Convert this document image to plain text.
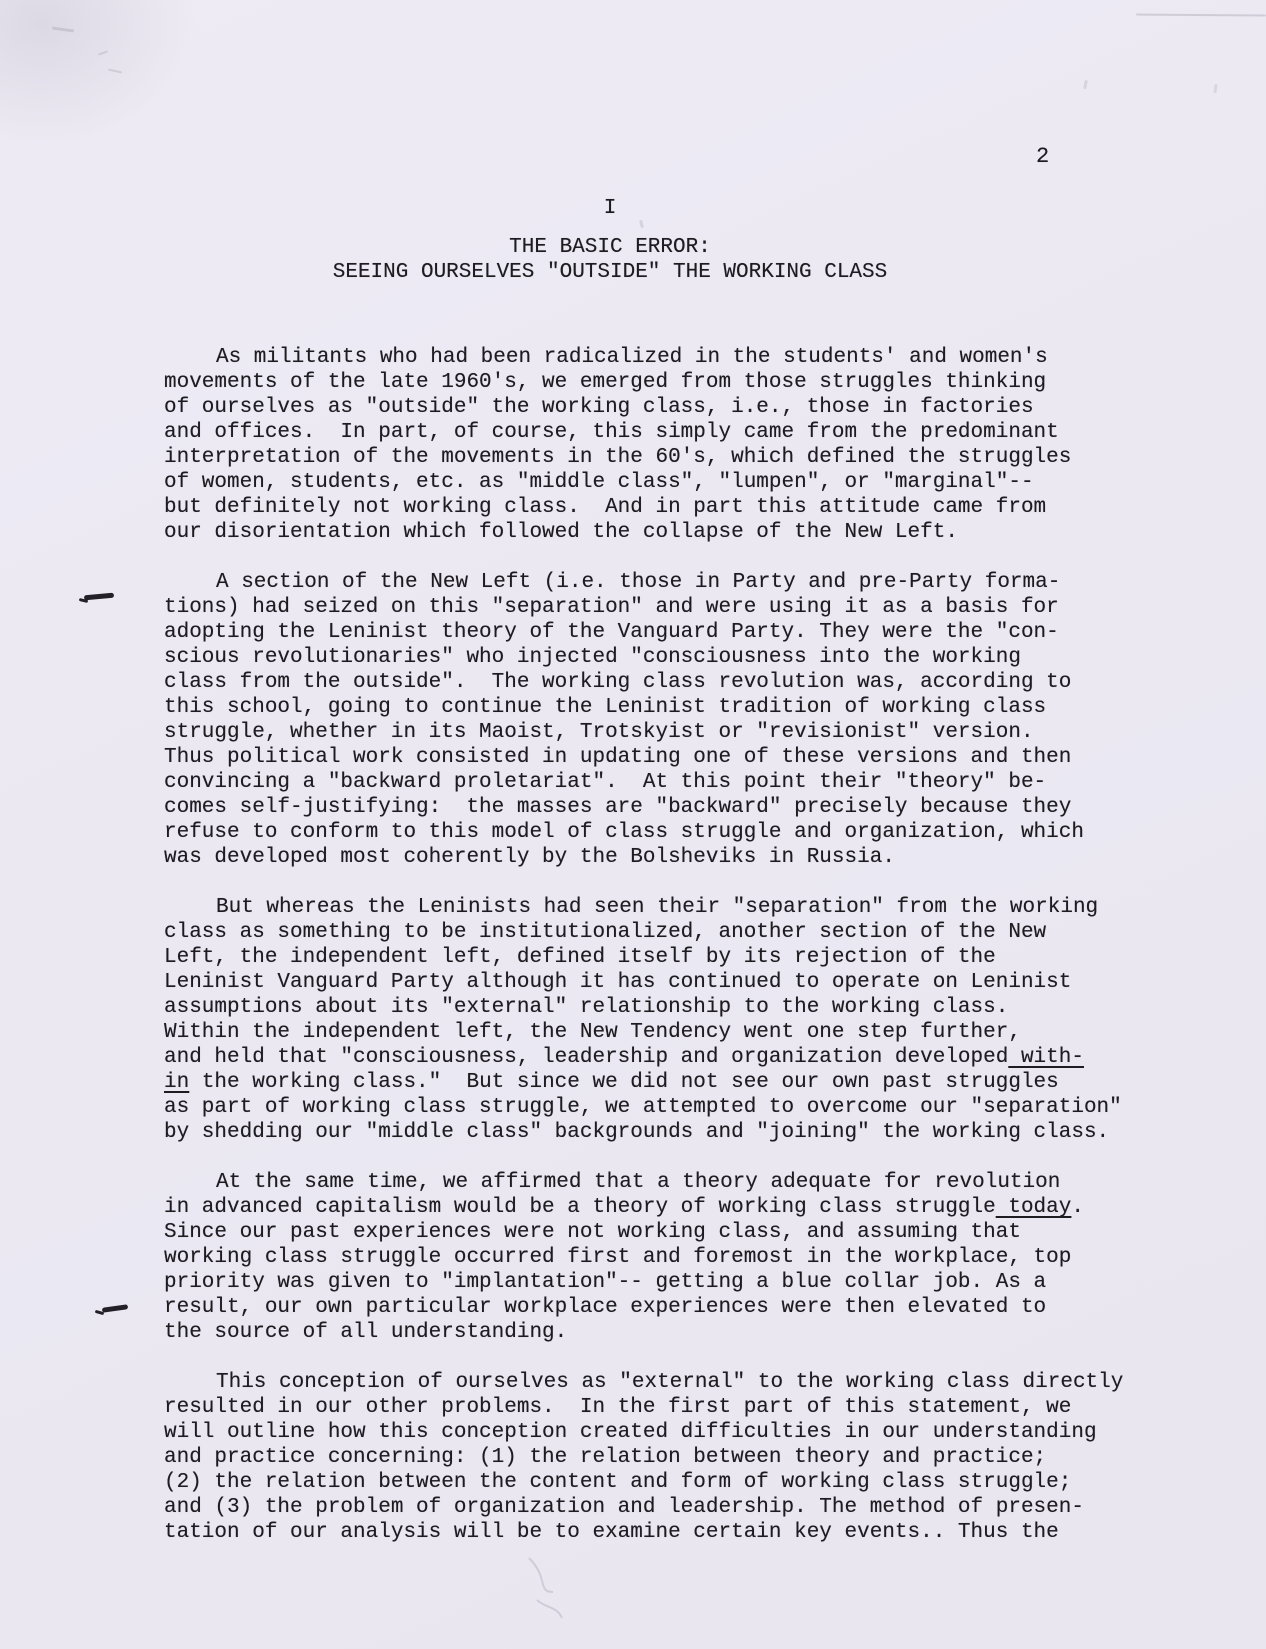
2
I
THE BASIC ERROR:
SEEING OURSELVES "OUTSIDE" THE WORKING CLASS
As militants who had been radicalized in the students' and women's
movements of the late 1960's, we emerged from those struggles thinking
of ourselves as "outside" the working class, i.e., those in factories
and offices.  In part, of course, this simply came from the predominant
interpretation of the movements in the 60's, which defined the struggles
of women, students, etc. as "middle class", "lumpen", or "marginal"--
but definitely not working class.  And in part this attitude came from
our disorientation which followed the collapse of the New Left.
A section of the New Left (i.e. those in Party and pre-Party forma-
tions) had seized on this "separation" and were using it as a basis for
adopting the Leninist theory of the Vanguard Party. They were the "con-
scious revolutionaries" who injected "consciousness into the working
class from the outside".  The working class revolution was, according to
this school, going to continue the Leninist tradition of working class
struggle, whether in its Maoist, Trotskyist or "revisionist" version.
Thus political work consisted in updating one of these versions and then
convincing a "backward proletariat".  At this point their "theory" be-
comes self-justifying:  the masses are "backward" precisely because they
refuse to conform to this model of class struggle and organization, which
was developed most coherently by the Bolsheviks in Russia.
But whereas the Leninists had seen their "separation" from the working
class as something to be institutionalized, another section of the New
Left, the independent left, defined itself by its rejection of the
Leninist Vanguard Party although it has continued to operate on Leninist
assumptions about its "external" relationship to the working class.
Within the independent left, the New Tendency went one step further,
and held that "consciousness, leadership and organization developed with-
in the working class."  But since we did not see our own past struggles
as part of working class struggle, we attempted to overcome our "separation"
by shedding our "middle class" backgrounds and "joining" the working class.
At the same time, we affirmed that a theory adequate for revolution
in advanced capitalism would be a theory of working class struggle today.
Since our past experiences were not working class, and assuming that
working class struggle occurred first and foremost in the workplace, top
priority was given to "implantation"-- getting a blue collar job. As a
result, our own particular workplace experiences were then elevated to
the source of all understanding.
This conception of ourselves as "external" to the working class directly
resulted in our other problems.  In the first part of this statement, we
will outline how this conception created difficulties in our understanding
and practice concerning: (1) the relation between theory and practice;
(2) the relation between the content and form of working class struggle;
and (3) the problem of organization and leadership. The method of presen-
tation of our analysis will be to examine certain key events.. Thus the
